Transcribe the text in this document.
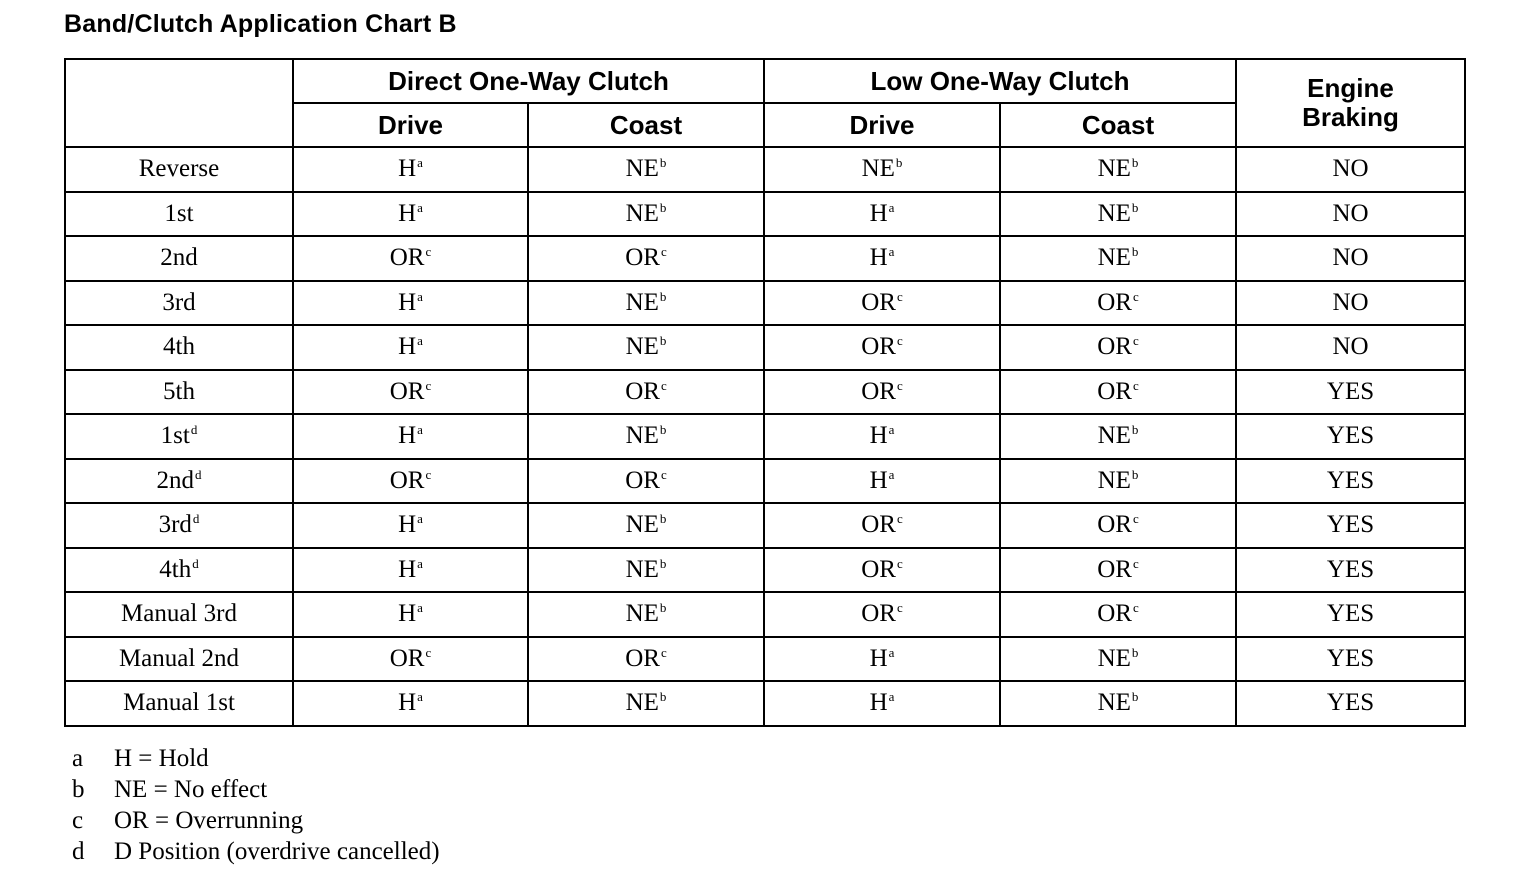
Band/Clutch Application Chart B
	Direct One-Way Clutch		Low One-Way Clutch		Engine Braking
	Drive	Coast	Drive	Coast	
Reverse	$H^a$	$NE^b$	$NE^b$	$NE^b$	NO
1st	$H^a$	$NE^b$	$H^a$	$NE^b$	NO
2nd	$OR^c$	$OR^c$	$H^a$	$NE^b$	NO
3rd	$H^a$	$NE^b$	$OR^c$	$OR^c$	NO
4th	$H^a$	$NE^b$	$OR^c$	$OR^c$	NO
5th	$OR^c$	$OR^c$	$OR^c$	$OR^c$	YES
$1st^d$	$H^a$	$NE^b$	$H^a$	$NE^b$	YES
$2nd^d$	$OR^c$	$OR^c$	$H^a$	$NE^b$	YES
$3rd^d$	$H^a$	$NE^b$	$OR^c$	$OR^c$	YES
$4th^d$	$H^a$	$NE^b$	$OR^c$	$OR^c$	YES
Manual 3rd	$H^a$	$NE^b$	$OR^c$	$OR^c$	YES
Manual 2nd	$OR^c$	$OR^c$	$H^a$	$NE^b$	YES
Manual 1st	$H^a$	$NE^b$	$H^a$	$NE^b$	YES
a H = Hold
b NE = No effect
c OR = Overrunning
d D Position (overdrive cancelled)
